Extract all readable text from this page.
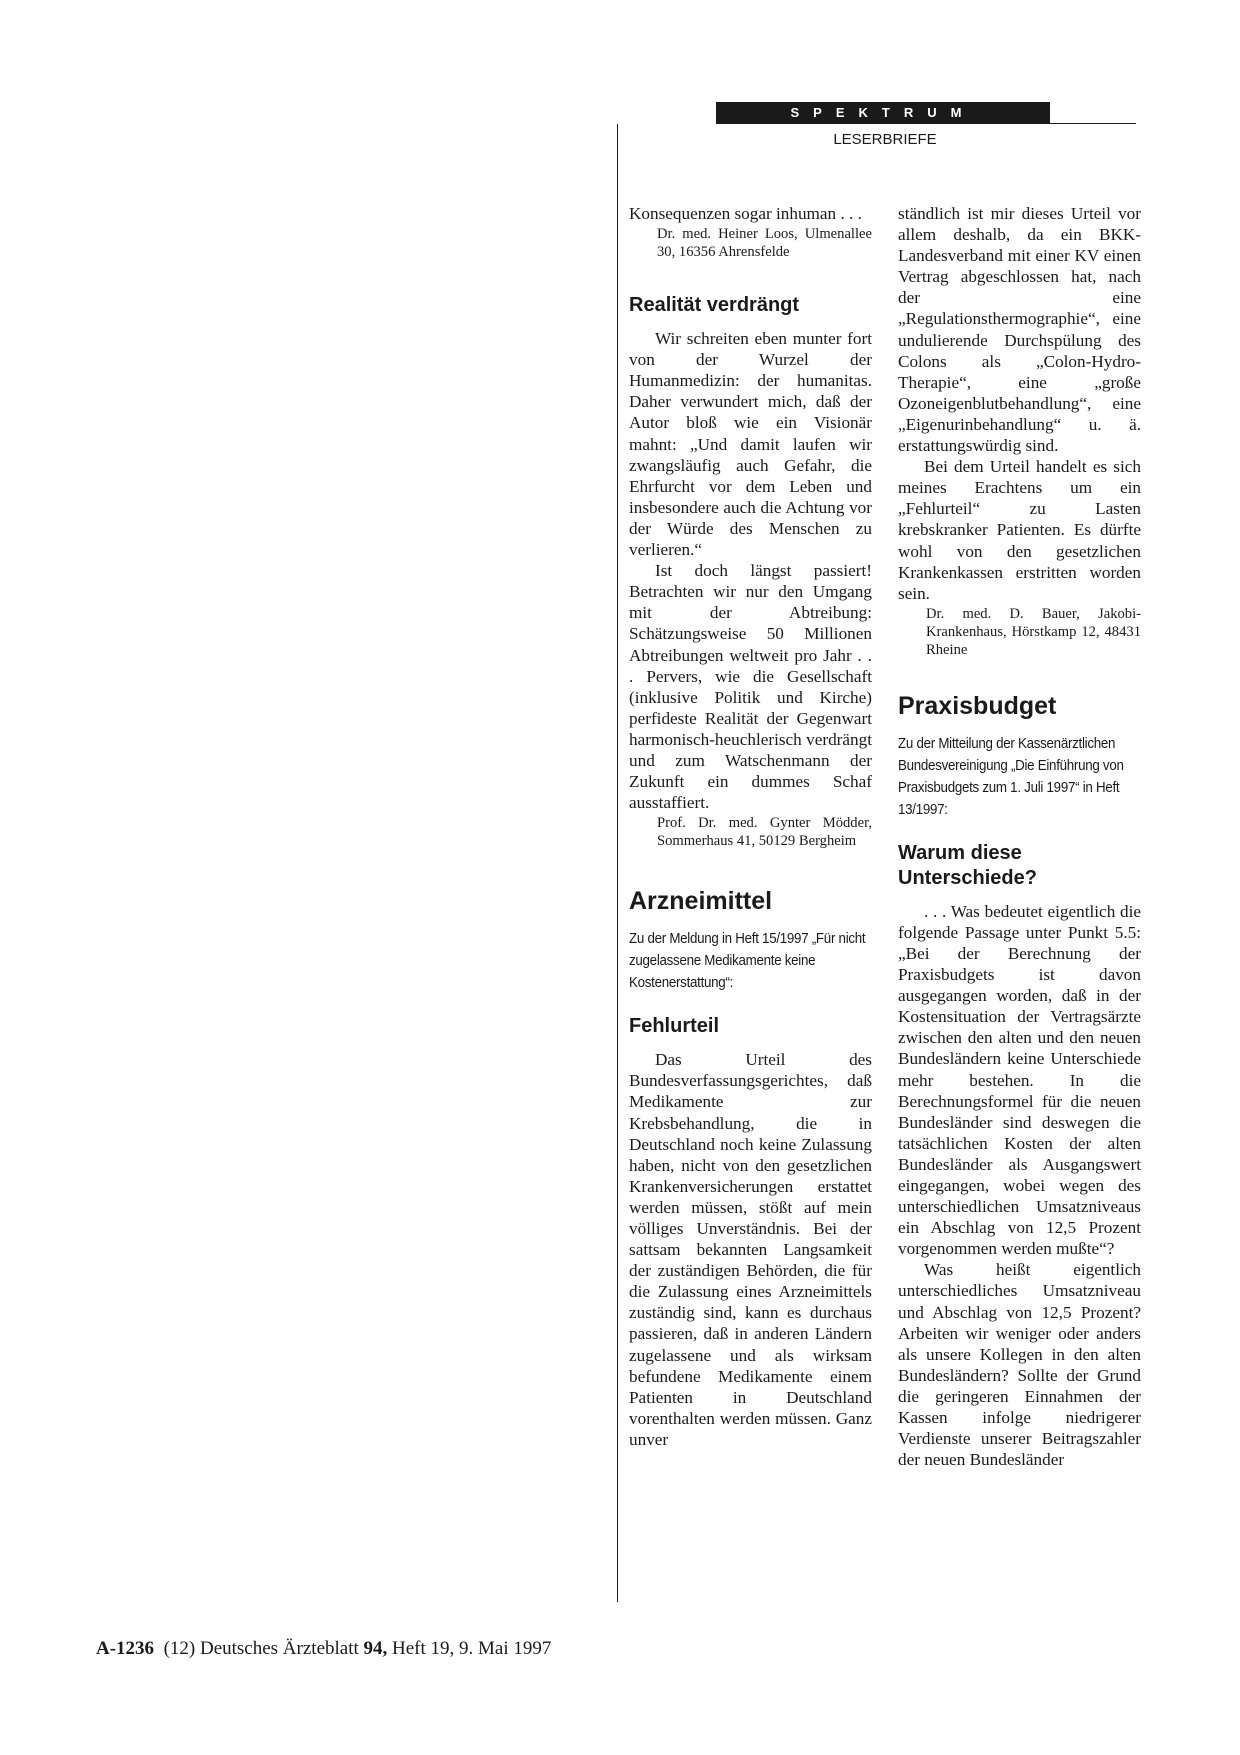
SPEKTRUM
LESERBRIEFE

Konsequenzen sogar inhuman . . .

Dr. med. Heiner Loos, Ulmenallee 30, 16356 Ahrensfelde

Realität verdrängt

Wir schreiten eben munter fort von der Wurzel der Humanmedizin: der humanitas. Daher verwundert mich, daß der Autor bloß wie ein Visionär mahnt: „Und damit laufen wir zwangsläufig auch Gefahr, die Ehrfurcht vor dem Leben und insbesondere auch die Achtung vor der Würde des Menschen zu verlieren.“

Ist doch längst passiert! Betrachten wir nur den Umgang mit der Abtreibung: Schätzungsweise 50 Millionen Abtreibungen weltweit pro Jahr . . . Pervers, wie die Gesellschaft (inklusive Politik und Kirche) perfideste Realität der Gegenwart harmonisch-heuchlerisch verdrängt und zum Watschenmann der Zukunft ein dummes Schaf ausstaffiert.

Prof. Dr. med. Gynter Mödder, Sommerhaus 41, 50129 Bergheim

Arzneimittel

Zu der Meldung in Heft 15/1997 „Für nicht zugelassene Medikamente keine Kostenerstattung“:

Fehlurteil

Das Urteil des Bundesverfassungsgerichtes, daß Medikamente zur Krebsbehandlung, die in Deutschland noch keine Zulassung haben, nicht von den gesetzlichen Krankenversicherungen erstattet werden müssen, stößt auf mein völliges Unverständnis. Bei der sattsam bekannten Langsamkeit der zuständigen Behörden, die für die Zulassung eines Arzneimittels zuständig sind, kann es durchaus passieren, daß in anderen Ländern zugelassene und als wirksam befundene Medikamente einem Patienten in Deutschland vorenthalten werden müssen. Ganz unver

ständlich ist mir dieses Urteil vor allem deshalb, da ein BKK-Landesverband mit einer KV einen Vertrag abgeschlossen hat, nach der eine „Regulationsthermographie“, eine undulierende Durchspülung des Colons als „Colon-Hydro-Therapie“, eine „große Ozoneigenblutbehandlung“, eine „Eigenurinbehandlung“ u. ä. erstattungswürdig sind.

Bei dem Urteil handelt es sich meines Erachtens um ein „Fehlurteil“ zu Lasten krebskranker Patienten. Es dürfte wohl von den gesetzlichen Krankenkassen erstritten worden sein.

Dr. med. D. Bauer, Jakobi-Krankenhaus, Hörstkamp 12, 48431 Rheine

Praxisbudget

Zu der Mitteilung der Kassenärztlichen Bundesvereinigung „Die Einführung von Praxisbudgets zum 1. Juli 1997“ in Heft 13/1997:

Warum diese Unterschiede?

. . . Was bedeutet eigentlich die folgende Passage unter Punkt 5.5: „Bei der Berechnung der Praxisbudgets ist davon ausgegangen worden, daß in der Kostensituation der Vertragsärzte zwischen den alten und den neuen Bundesländern keine Unterschiede mehr bestehen. In die Berechnungsformel für die neuen Bundesländer sind deswegen die tatsächlichen Kosten der alten Bundesländer als Ausgangswert eingegangen, wobei wegen des unterschiedlichen Umsatzniveaus ein Abschlag von 12,5 Prozent vorgenommen werden mußte“?

Was heißt eigentlich unterschiedliches Umsatzniveau und Abschlag von 12,5 Prozent? Arbeiten wir weniger oder anders als unsere Kollegen in den alten Bundesländern? Sollte der Grund die geringeren Einnahmen der Kassen infolge niedrigerer Verdienste unserer Beitragszahler der neuen Bundesländer

A-1236 (12) Deutsches Ärzteblatt 94, Heft 19, 9. Mai 1997
